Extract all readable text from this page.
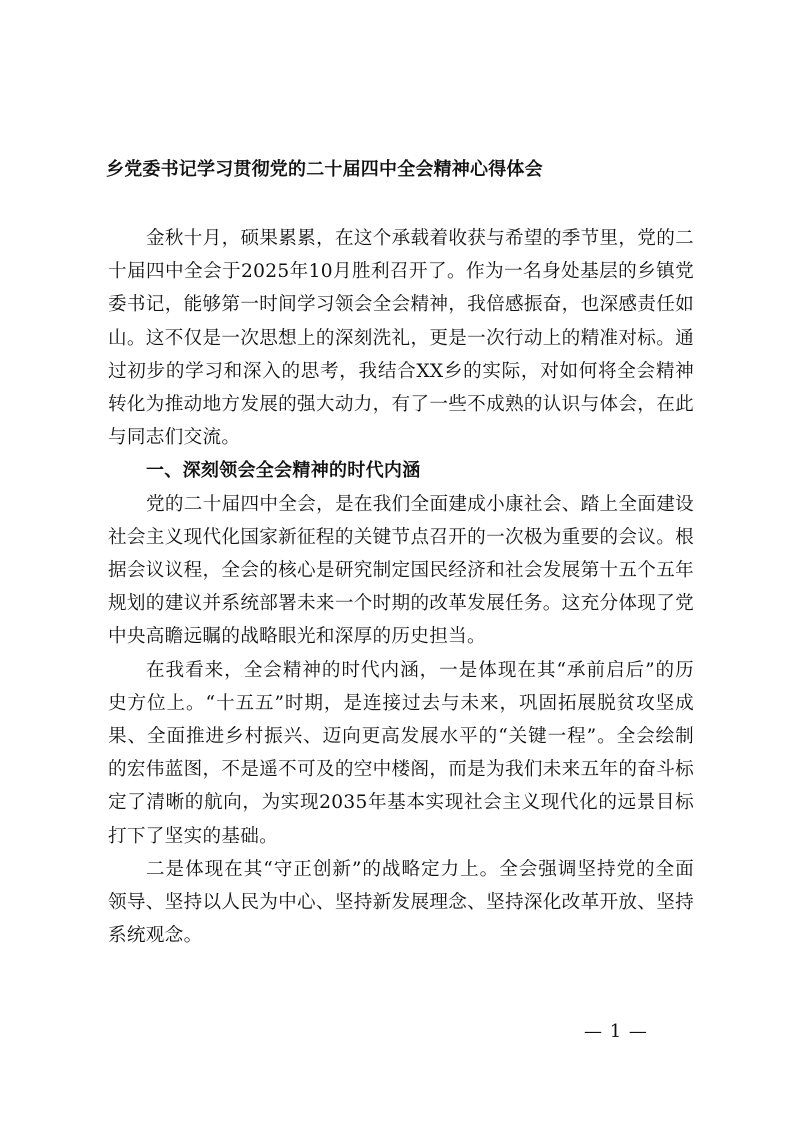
乡党委书记学习贯彻党的二十届四中全会精神心得体会

金秋十月，硕果累累，在这个承载着收获与希望的季节里，党的二十届四中全会于2025年10月胜利召开了。作为一名身处基层的乡镇党委书记，能够第一时间学习领会全会精神，我倍感振奋，也深感责任如山。这不仅是一次思想上的深刻洗礼，更是一次行动上的精准对标。通过初步的学习和深入的思考，我结合XX乡的实际，对如何将全会精神转化为推动地方发展的强大动力，有了一些不成熟的认识与体会，在此与同志们交流。

一、深刻领会全会精神的时代内涵

党的二十届四中全会，是在我们全面建成小康社会、踏上全面建设社会主义现代化国家新征程的关键节点召开的一次极为重要的会议。根据会议议程，全会的核心是研究制定国民经济和社会发展第十五个五年规划的建议并系统部署未来一个时期的改革发展任务。这充分体现了党中央高瞻远瞩的战略眼光和深厚的历史担当。

在我看来，全会精神的时代内涵，一是体现在其“承前启后”的历史方位上。“十五五”时期，是连接过去与未来，巩固拓展脱贫攻坚成果、全面推进乡村振兴、迈向更高发展水平的“关键一程”。全会绘制的宏伟蓝图，不是遥不可及的空中楼阁，而是为我们未来五年的奋斗标定了清晰的航向，为实现2035年基本实现社会主义现代化的远景目标打下了坚实的基础。

二是体现在其“守正创新”的战略定力上。全会强调坚持党的全面领导、坚持以人民为中心、坚持新发展理念、坚持深化改革开放、坚持系统观念。

— 1 —
